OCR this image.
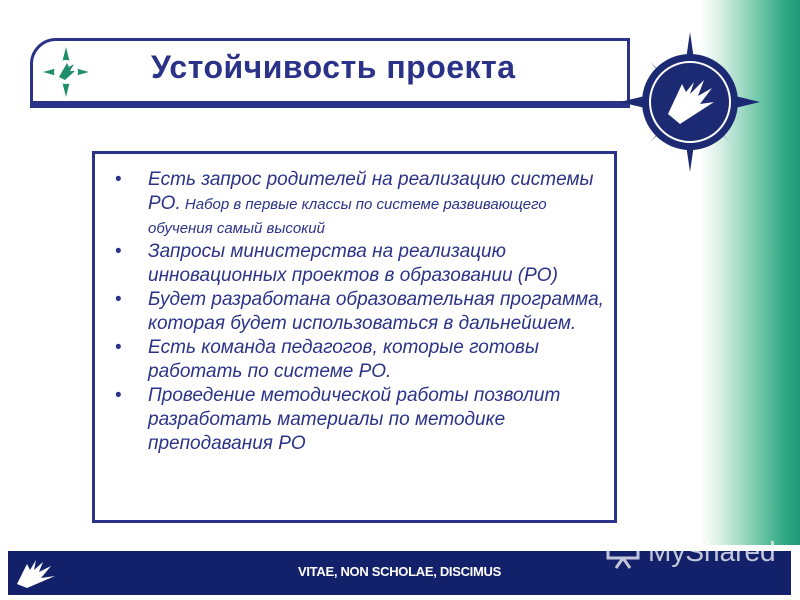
Устойчивость проекта
• Есть запрос родителей на реализацию системы РО. Набор в первые классы по системе развивающего обучения самый высокий
• Запросы министерства на реализацию инновационных проектов в образовании (РО)
• Будет разработана образовательная программа, которая будет использоваться в дальнейшем.
• Есть команда педагогов, которые готовы работать по системе РО.
• Проведение методической работы позволит разработать материалы по методике преподавания РО
VITAE, NON SCHOLAE, DISCIMUS
MyShared
